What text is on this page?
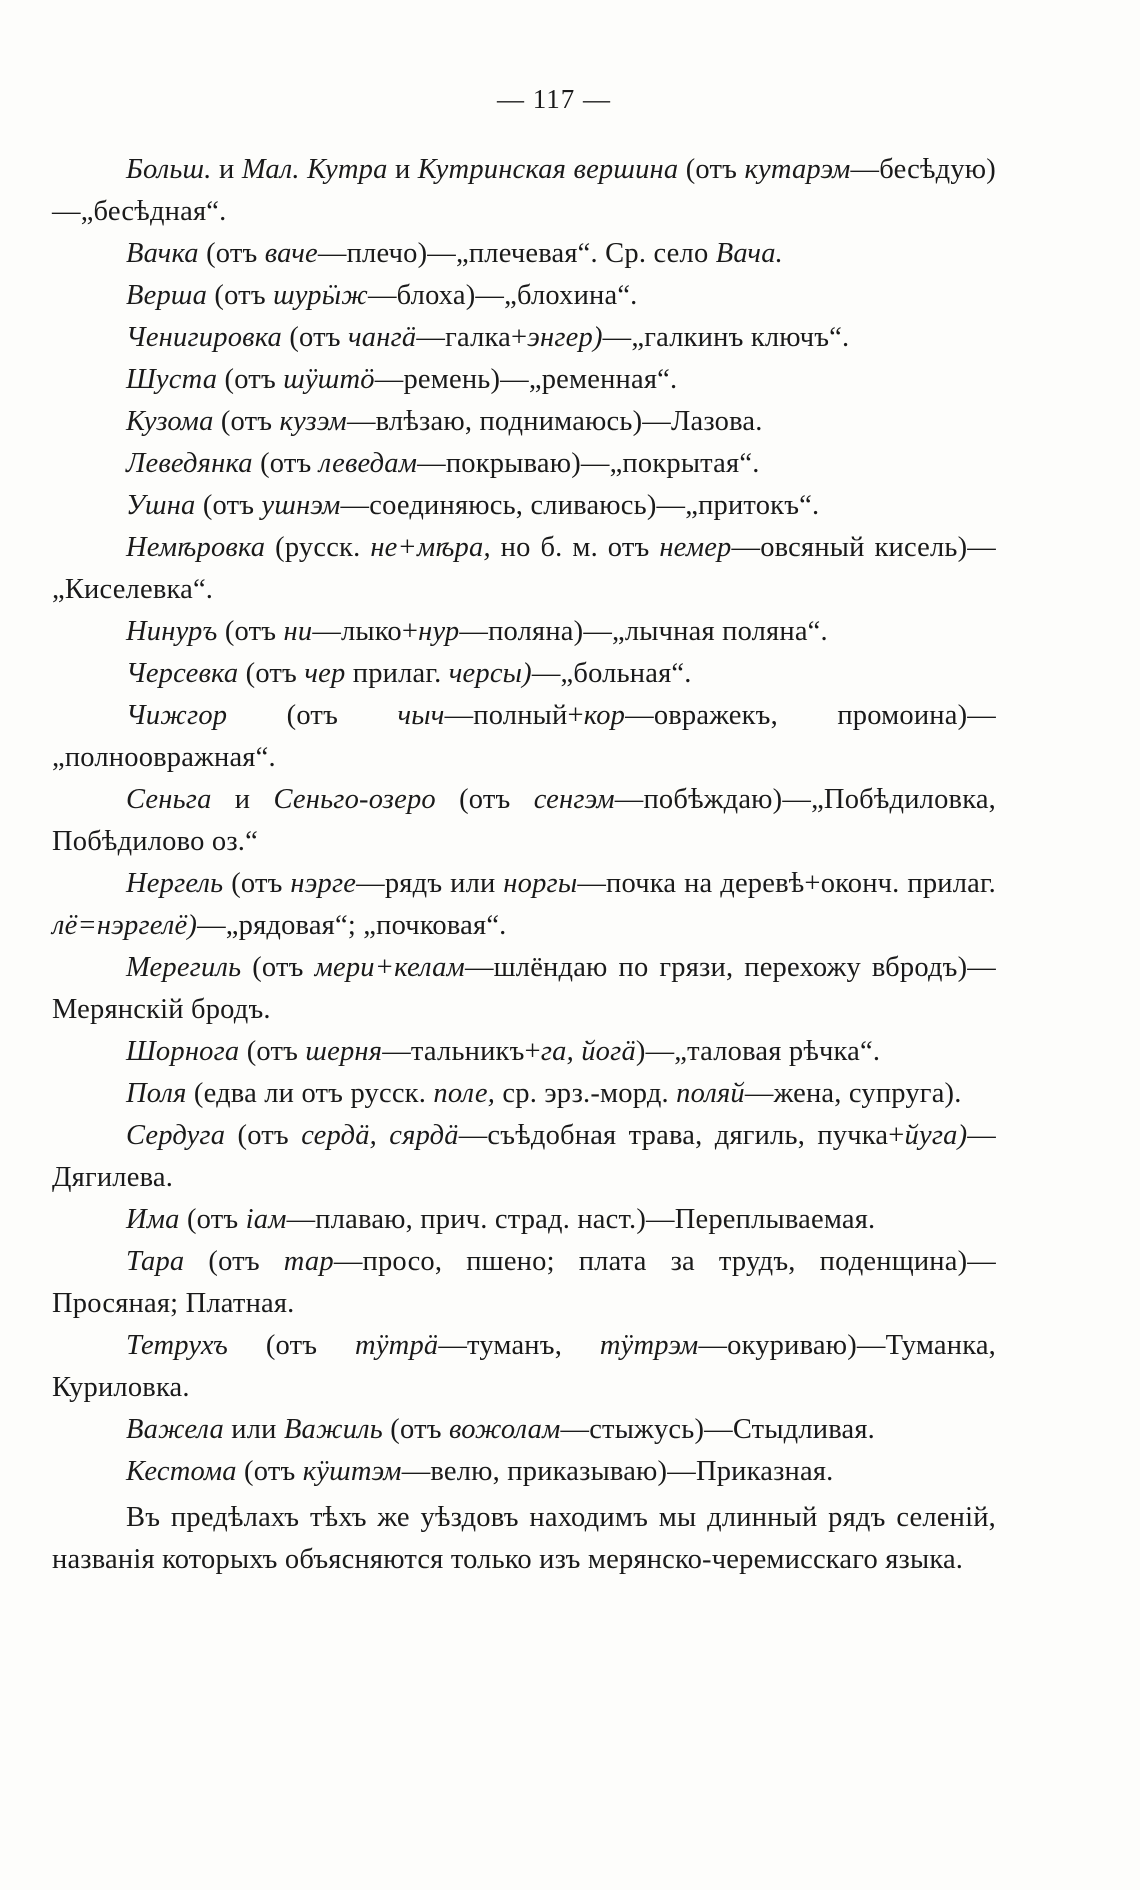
— 117 —

Больш. и Мал. Кутра и Кутринская вершина (отъ кутарэм—бесѣдую)—„бесѣдная“.

Вачка (отъ ваче—плечо)—„плечевая“. Ср. село Вача.

Верша (отъ шурӹж—блоха)—„блохина“.

Ченигировка (отъ чангä—галка+энгер)—„галкинъ ключъ“.

Шуста (отъ шӱштӧ—ремень)—„ременная“.

Кузома (отъ кузэм—влѣзаю, поднимаюсь)—Лазова.

Леведянка (отъ леведам—покрываю)—„покрытая“.

Ушна (отъ ушнэм—соединяюсь, сливаюсь)—„притокъ“.

Немѣровка (русск. не+мѣра, но б. м. отъ немер—овсяный кисель)—„Киселевка“.

Нинуръ (отъ ни—лыко+нур—поляна)—„лычная поляна“.

Черсевка (отъ чер прилаг. черсы)—„больная“.

Чижгор (отъ чыч—полный+кор—овражекъ, промоина)—„полноовражная“.

Сеньга и Сеньго-озеро (отъ сенгэм—побѣждаю)—„Побѣдиловка, Побѣдилово оз.“

Нергель (отъ нэрге—рядъ или норгы—почка на деревѣ+оконч. прилаг. лë=нэргелë)—„рядовая“; „почковая“.

Мерегиль (отъ мери+келам—шлёндаю по грязи, перехожу вбродъ)—Мерянскій бродъ.

Шорнога (отъ шерня—тальникъ+га, йогä)—„таловая рѣчка“.

Поля (едва ли отъ русск. поле, ср. эрз.-морд. поляй—жена, супруга).

Сердуга (отъ сердä, сярдä—съѣдобная трава, дягиль, пучка+йуга)—Дягилева.

Има (отъ iам—плаваю, прич. страд. наст.)—Переплываемая.

Тара (отъ тар—просо, пшено; плата за трудъ, поденщина)—Просяная; Платная.

Тетрухъ (отъ тӱтрä—туманъ, тӱтрэм—окуриваю)—Туманка, Куриловка.

Важела или Важиль (отъ вожолам—стыжусь)—Стыдливая.

Кестома (отъ кӱштэм—велю, приказываю)—Приказная.

Въ предѣлахъ тѣхъ же уѣздовъ находимъ мы длинный рядъ селеній, названія которыхъ объясняются только изъ мерянско-черемисскаго языка.
